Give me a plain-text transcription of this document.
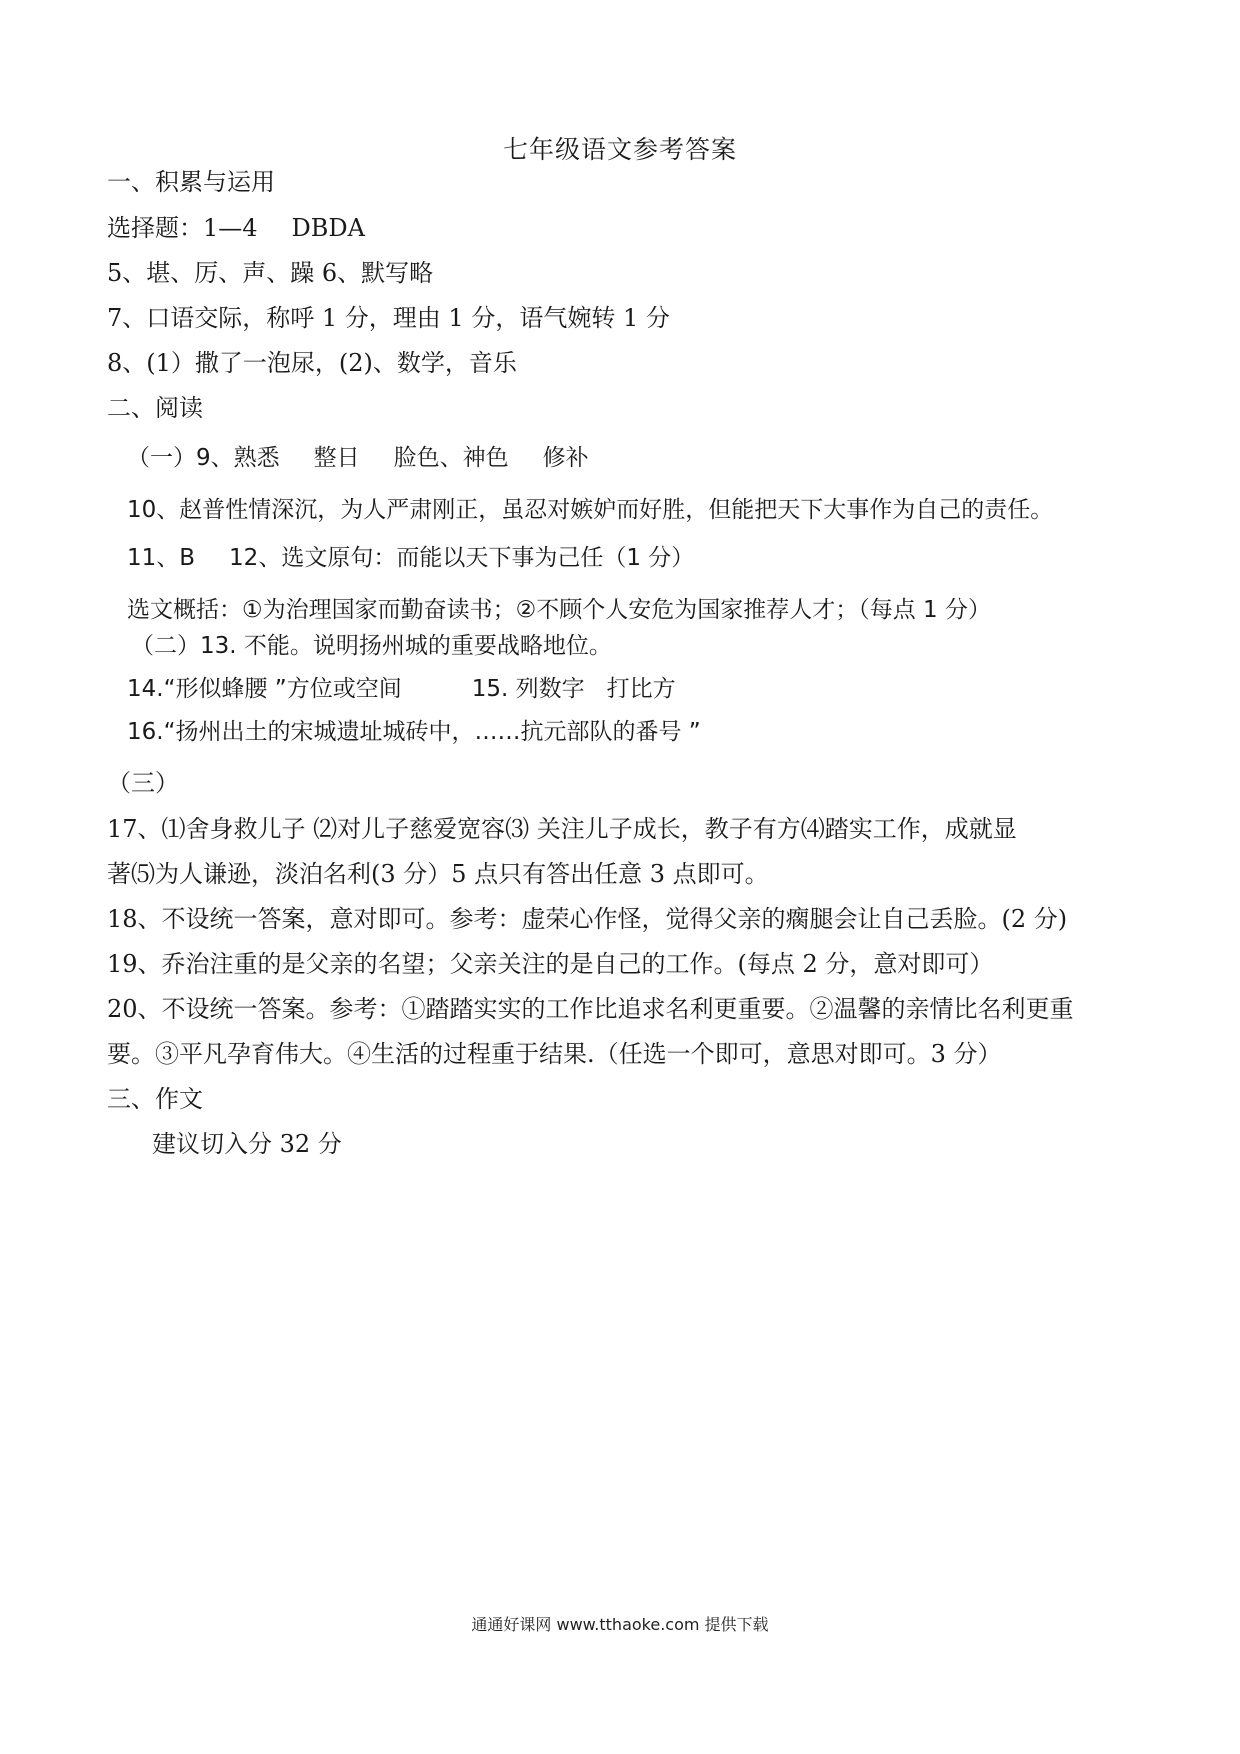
七年级语文参考答案
一、积累与运用
选择题：1—4 DBDA
5、堪、厉、声、躁 6、默写略
7、口语交际，称呼 1 分，理由 1 分，语气婉转 1 分
8、(1）撒了一泡尿，(2)、数学，音乐
二、阅读
（一）9、熟悉 整日 脸色、神色 修补
10、赵普性情深沉，为人严肃刚正，虽忍对嫉妒而好胜，但能把天下大事作为自己的责任。
11、B 12、选文原句：而能以天下事为己任（1 分）
选文概括：①为治理国家而勤奋读书；②不顾个人安危为国家推荐人才；（每点 1 分）
（二）13. 不能。说明扬州城的重要战略地位。
14.“形似蜂腰 ”方位或空间	15. 列数字 打比方
16.“扬州出土的宋城遗址城砖中，……抗元部队的番号 ”
（三）
17、⑴舍身救儿子 ⑵对儿子慈爱宽容⑶ 关注儿子成长，教子有方⑷踏实工作，成就显
著⑸为人谦逊，淡泊名利(3 分）5 点只有答出任意 3 点即可。
18、不设统一答案，意对即可。参考：虚荣心作怪，觉得父亲的瘸腿会让自己丢脸。(2 分)
19、乔治注重的是父亲的名望；父亲关注的是自己的工作。(每点 2 分，意对即可）
20、不设统一答案。参考：①踏踏实实的工作比追求名利更重要。②温馨的亲情比名利更重
要。③平凡孕育伟大。④生活的过程重于结果.（任选一个即可，意思对即可。3 分）
三、作文
建议切入分 32 分
通通好课网 www.tthaoke.com 提供下载
